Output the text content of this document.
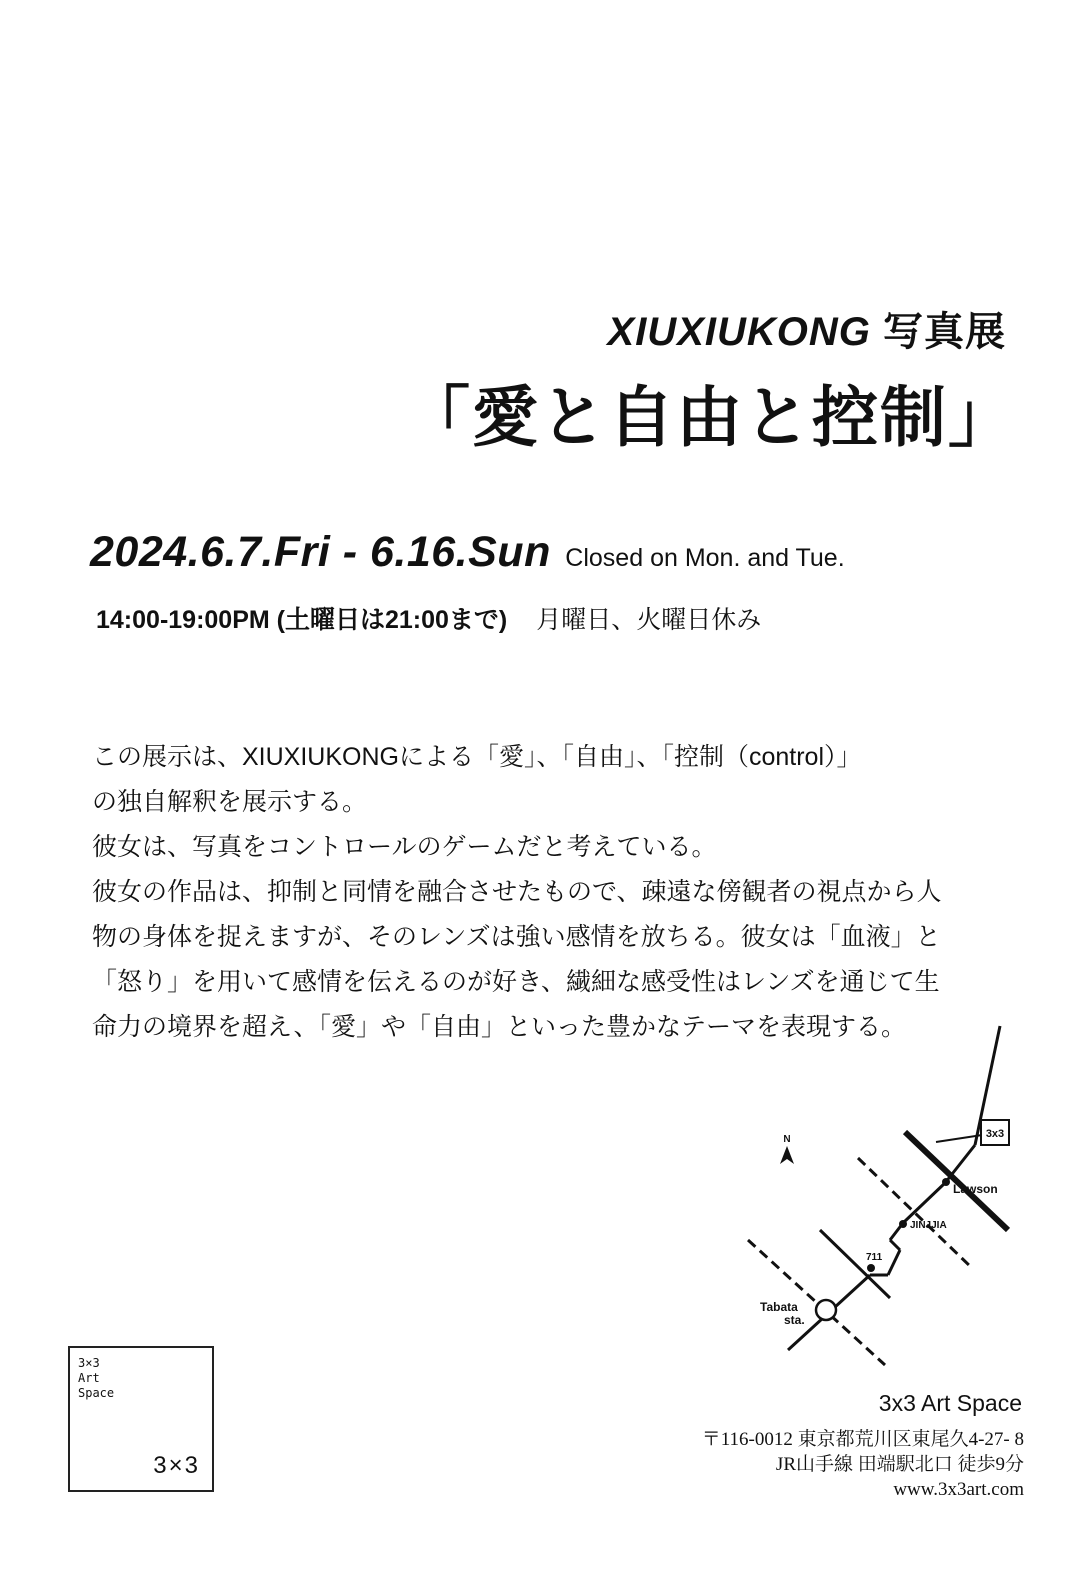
XIUXIUKONG 写真展
「愛と自由と控制」
2024.6.7.Fri - 6.16.Sun Closed on Mon. and Tue.
14:00-19:00PM (土曜日は21:00まで) 月曜日、火曜日休み

この展示は、XIUXIUKONGによる「愛」、「自由」、「控制（control）」

の独自解釈を展示する。

彼女は、写真をコントロールのゲームだと考えている。

彼女の作品は、抑制と同情を融合させたもので、疎遠な傍観者の視点から人

物の身体を捉えますが、そのレンズは強い感情を放ちる。彼女は「血液」と

「怒り」を用いて感情を伝えるのが好き、繊細な感受性はレンズを通じて生

命力の境界を超え、「愛」や「自由」といった豊かなテーマを表現する。

3x3
Lawson
JINJJIA
711
Tabata
sta.
N
3×3
Art
Space
3×3
3x3 Art Space
〒116-0012 東京都荒川区東尾久4-27- 8
JR山手線 田端駅北口 徒歩9分
www.3x3art.com
